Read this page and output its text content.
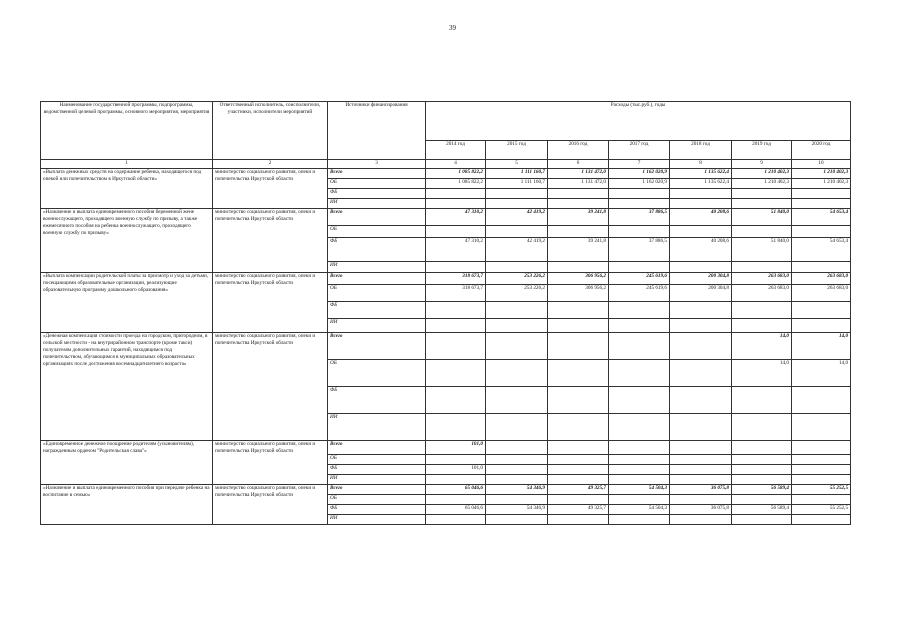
39
Наименование государственной программы, подпрограммы, ведомственной целевой программы, основного мероприятия, мероприятия	Ответственный исполнитель, соисполнители, участники, исполнители мероприятий	Источники финансирования	Расходы (тыс.руб.), годы						
			2014 год	2015 год	2016 год	2017 год	2018 год	2019 год	2020 год
1	2	3	4	5	6	7	8	9	10
«Выплата денежных средств на содержание ребенка, находящегося под опекой или попечительством в Иркутской области»	министерство социального развития, опеки и попечительства Иркутской области	Всего	1 085 822,2	1 111 160,7	1 131 472,0	1 162 020,9	1 135 622,4	1 210 402,3	1 210 402,3
		ОБ	1 085 822,2	1 111 160,7	1 131 472,0	1 162 020,9	1 135 622,4	1 210 402,3	1 210 402,3
		ФБ							
		ИИ							
«Назначение и выплата единовременного пособия беременной жене военнослужащего, проходящего военную службу по призыву, а также ежемесячного пособия на ребенка военнослужащего, проходящего военную службу по призыву»	министерство социального развития, опеки и попечительства Иркутской области	Всего	47 310,2	42 419,2	39 241,8	37 886,5	40 208,6	51 840,0	54 653,4
		ОБ							
		ФБ	47 310,2	42 419,2	39 241,8	37 886,5	40 208,6	51 840,0	54 653,4
		ИИ							
«Выплата компенсации родительской платы за присмотр и уход за детьми, посещающими образовательные организации, реализующие образовательную программу дошкольного образования»	министерство социального развития, опеки и попечительства Иркутской области	Всего	318 673,7	253 226,2	306 956,2	245 619,6	200 304,8	263 683,0	263 683,0
		ОБ	318 673,7	253 226,2	306 956,2	245 619,6	200 304,8	263 683,0	263 683,0
		ФБ							
		ИИ							
«Денежная компенсация стоимости проезда на городском, пригородном, в сельской местности - на внутрирайонном транспорте (кроме такси) получателям дополнительных гарантий, находящимся под попечительством, обучающимся в муниципальных образовательных организациях после достижения восемнадцатилетнего возраста»	министерство социального развития, опеки и попечительства Иркутской области	Всего						14,0	14,0
		ОБ						14,0	14,0
		ФБ							
		ИИ							
«Единовременное денежное поощрение родителям (усыновителям), награжденным орденом "Родительская слава"»	министерство социального развития, опеки и попечительства Иркутской области	Всего	101,0						
		ОБ							
		ФБ	101,0						
		ИИ							
«Назначение и выплата единовременного пособия при передаче ребенка на воспитание в семью»	министерство социального развития, опеки и попечительства Иркутской области	Всего	65 046,6	54 346,9	49 325,7	54 504,3	36 075,8	56 589,4	55 252,5
		ОБ							
		ФБ	65 046,6	54 346,9	49 325,7	54 504,3	36 075,8	56 589,4	55 252,5
		ИИ							
